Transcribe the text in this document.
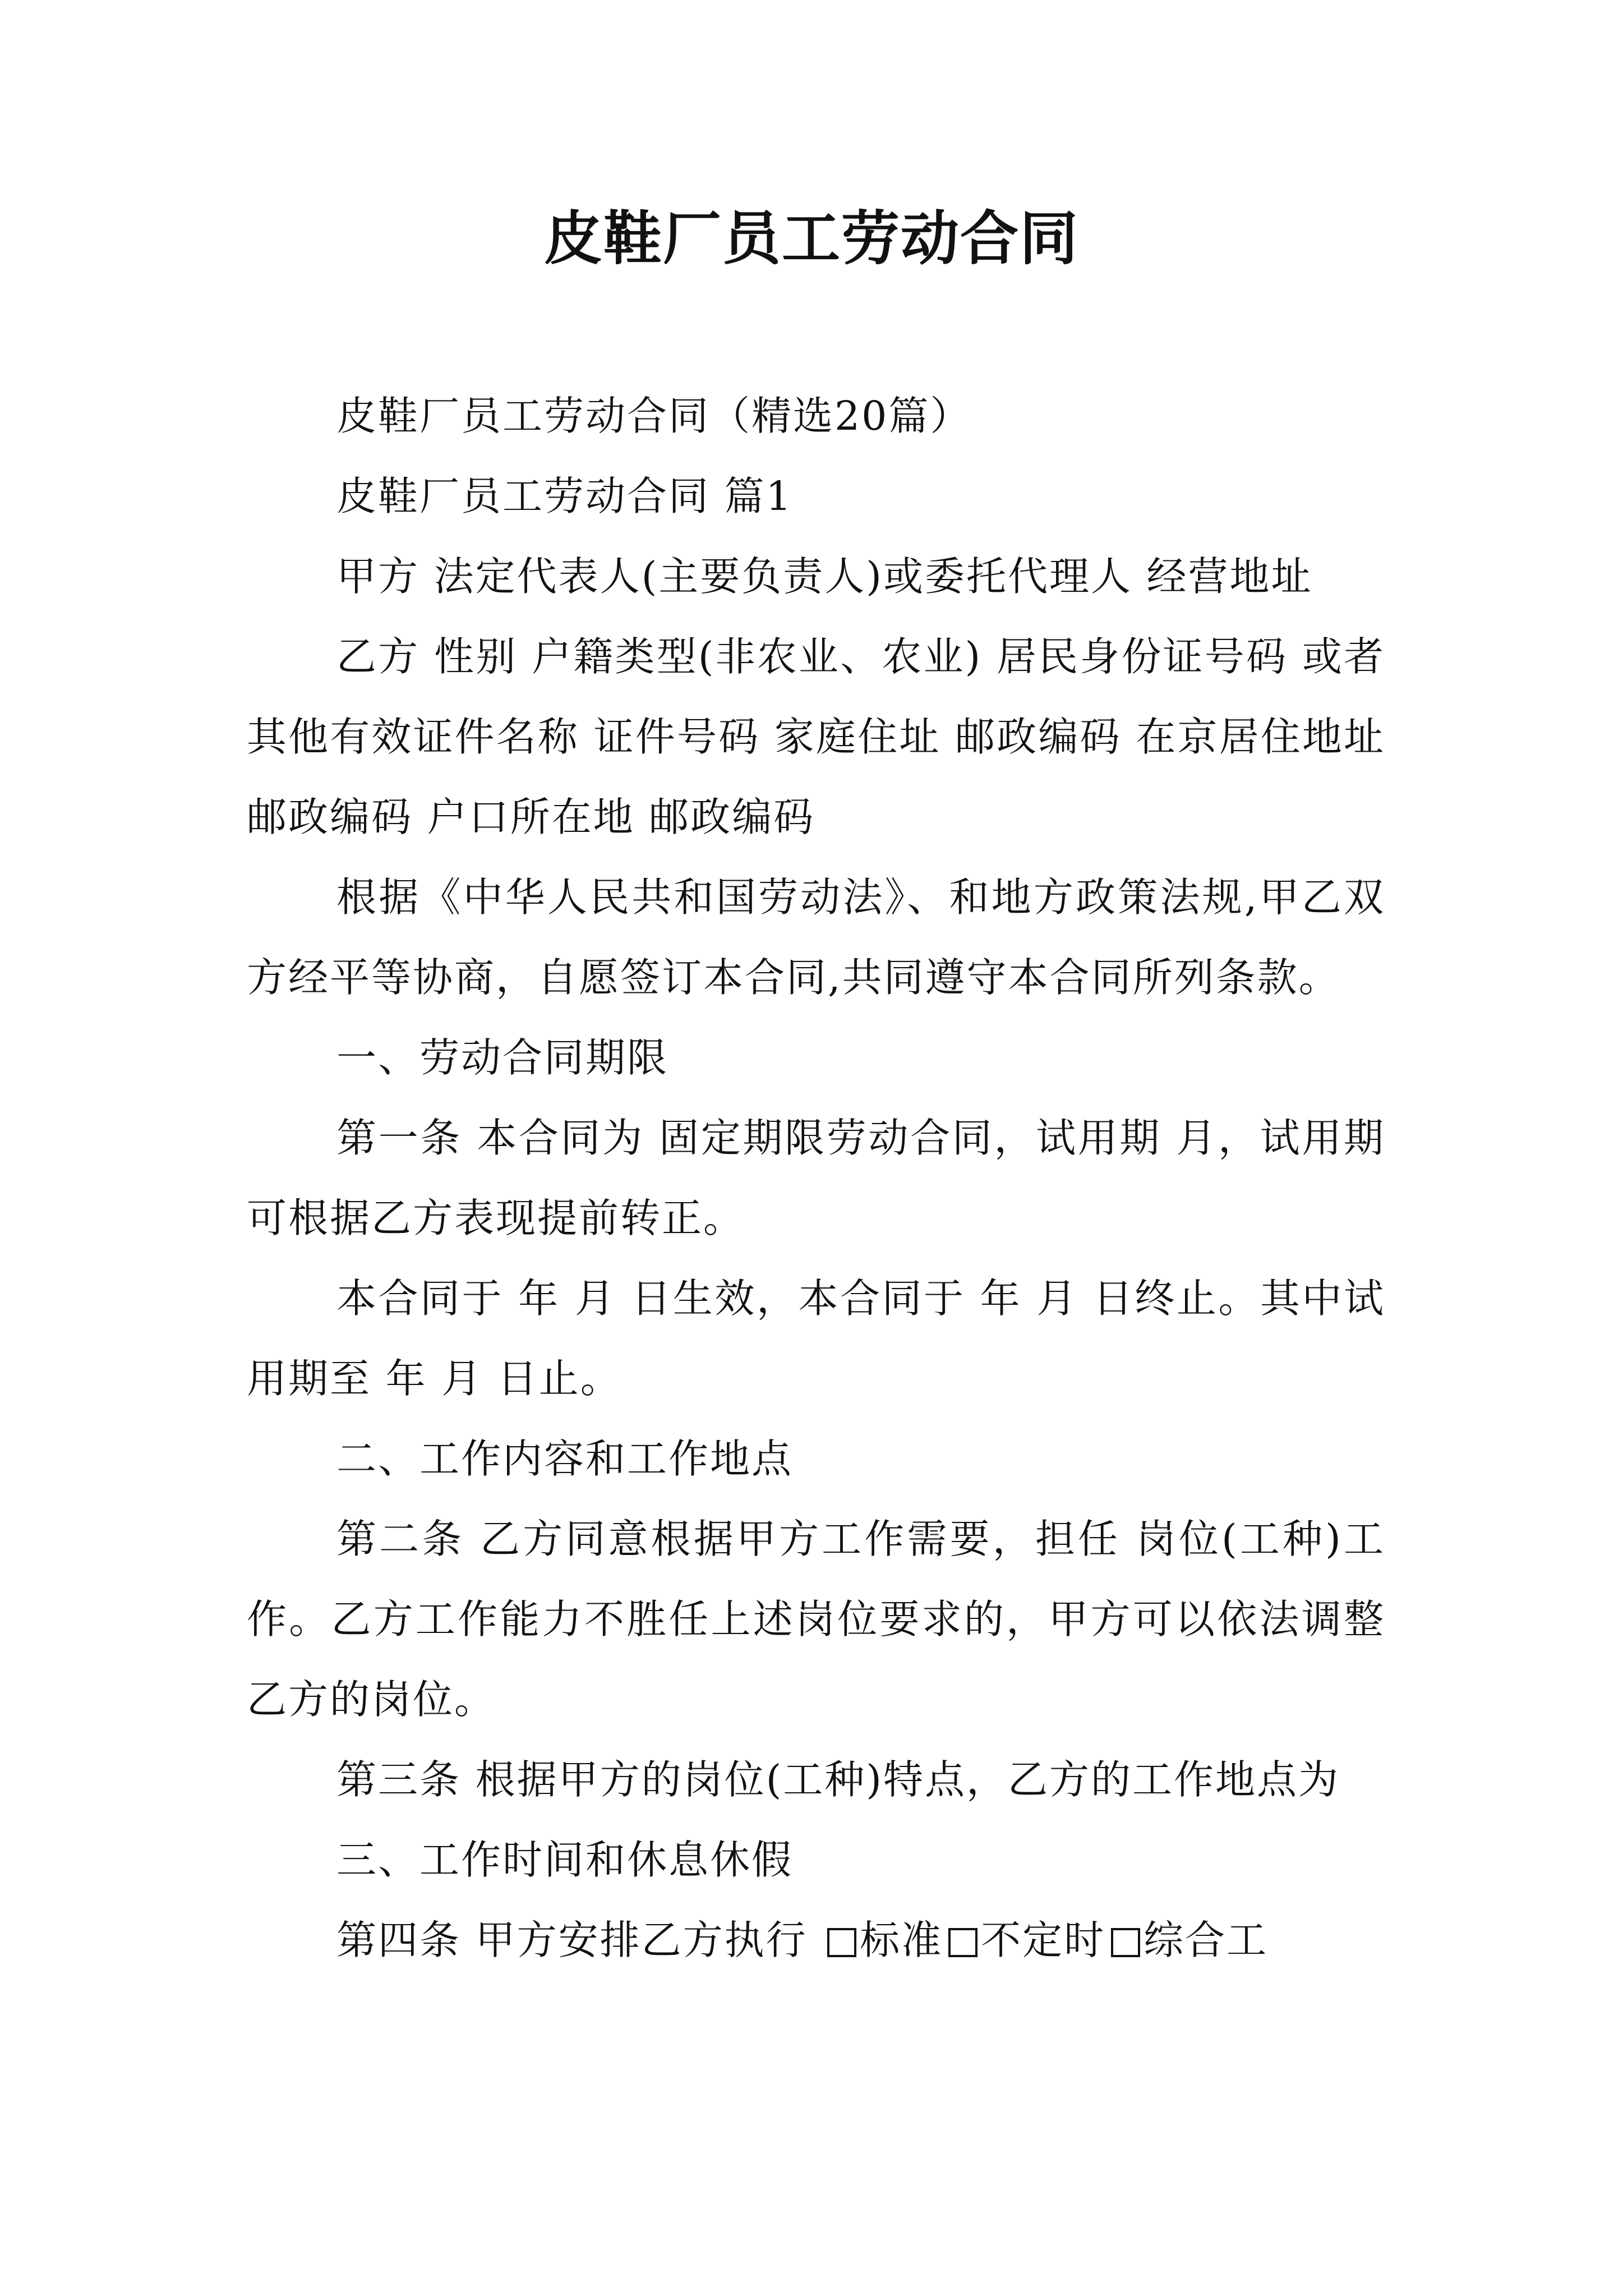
皮鞋厂员工劳动合同

皮鞋厂员工劳动合同（精选20篇）

皮鞋厂员工劳动合同 篇1

甲方 法定代表人(主要负责人)或委托代理人 经营地址

乙方 性别 户籍类型(非农业、农业) 居民身份证号码 或者其他有效证件名称 证件号码 家庭住址 邮政编码 在京居住地址 邮政编码 户口所在地 邮政编码

根据《中华人民共和国劳动法》、和地方政策法规,甲乙双方经平等协商，自愿签订本合同,共同遵守本合同所列条款。

一、劳动合同期限

第一条 本合同为 固定期限劳动合同，试用期 月，试用期可根据乙方表现提前转正。

本合同于 年 月 日生效，本合同于 年 月 日终止。其中试用期至 年 月 日止。

二、工作内容和工作地点

第二条 乙方同意根据甲方工作需要，担任 岗位(工种)工作。乙方工作能力不胜任上述岗位要求的，甲方可以依法调整乙方的岗位。

第三条 根据甲方的岗位(工种)特点，乙方的工作地点为

三、工作时间和休息休假

第四条 甲方安排乙方执行 标准 不定时 综合工
